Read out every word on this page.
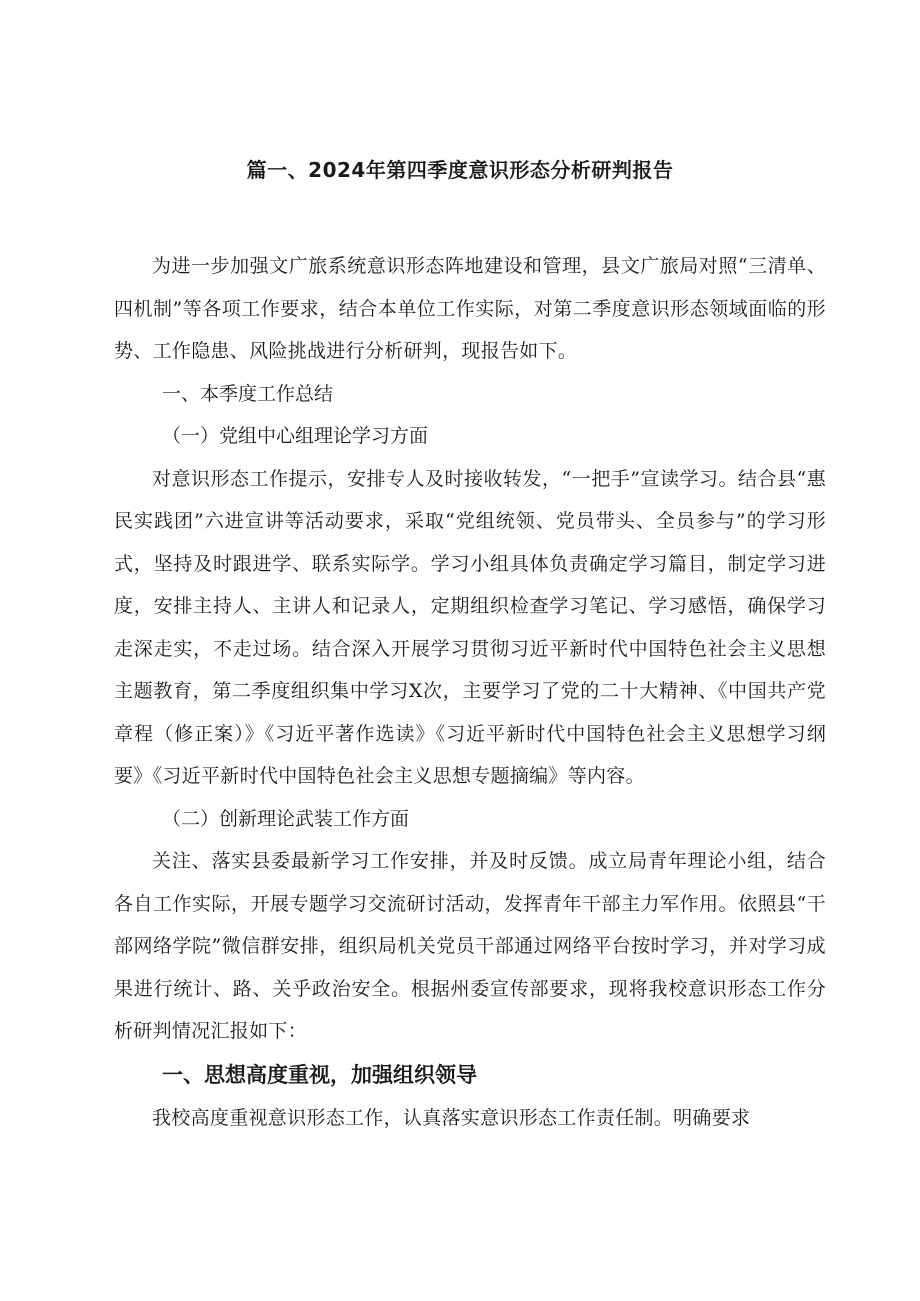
篇一、2024年第四季度意识形态分析研判报告

为进一步加强文广旅系统意识形态阵地建设和管理，县文广旅局对照“三清单、四机制”等各项工作要求，结合本单位工作实际，对第二季度意识形态领域面临的形势、工作隐患、风险挑战进行分析研判，现报告如下。

一、本季度工作总结

（一）党组中心组理论学习方面

对意识形态工作提示，安排专人及时接收转发，“一把手”宣读学习。结合县“惠民实践团”六进宣讲等活动要求，采取“党组统领、党员带头、全员参与”的学习形式，坚持及时跟进学、联系实际学。学习小组具体负责确定学习篇目，制定学习进度，安排主持人、主讲人和记录人，定期组织检查学习笔记、学习感悟，确保学习走深走实，不走过场。结合深入开展学习贯彻习近平新时代中国特色社会主义思想主题教育，第二季度组织集中学习X次，主要学习了党的二十大精神、《中国共产党章程（修正案）》《习近平著作选读》《习近平新时代中国特色社会主义思想学习纲要》《习近平新时代中国特色社会主义思想专题摘编》等内容。

（二）创新理论武装工作方面

关注、落实县委最新学习工作安排，并及时反馈。成立局青年理论小组，结合各自工作实际，开展专题学习交流研讨活动，发挥青年干部主力军作用。依照县“干部网络学院”微信群安排，组织局机关党员干部通过网络平台按时学习，并对学习成果进行统计、路、关乎政治安全。根据州委宣传部要求，现将我校意识形态工作分析研判情况汇报如下：

一、思想高度重视，加强组织领导

我校高度重视意识形态工作，认真落实意识形态工作责任制。明确要求
